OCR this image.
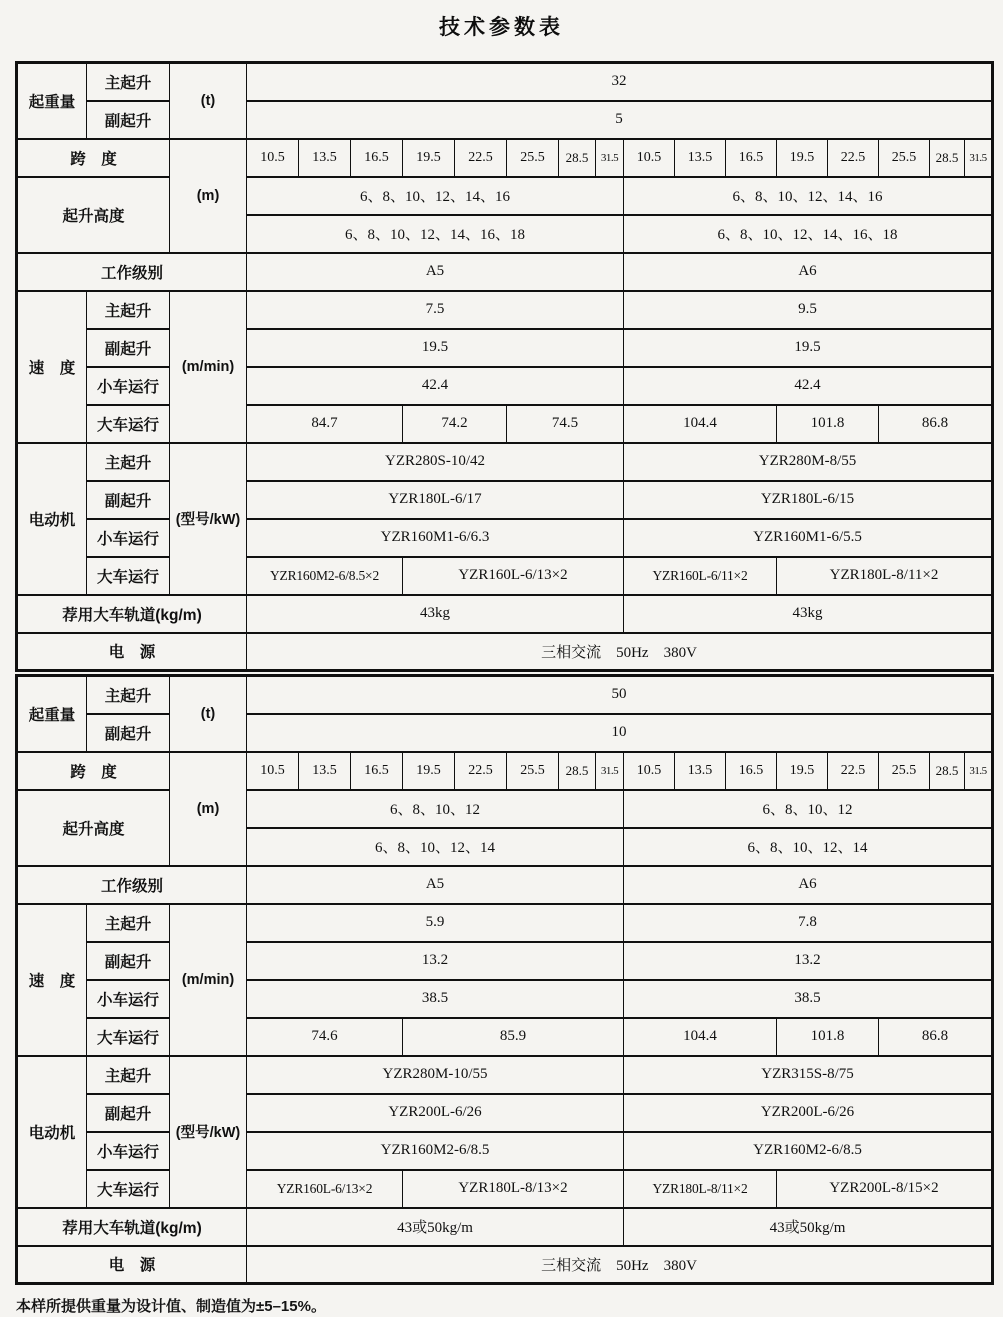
技术参数表
起重量	主起升	(t)	32															
	副起升		5															
跨　度		(m)	10.5	13.5	16.5	19.5	22.5	25.5	28.5	31.5	10.5	13.5	16.5	19.5	22.5	25.5	28.5	31.5
起升高度			6、8、10、12、14、16								6、8、10、12、14、16							
			6、8、10、12、14、16、18								6、8、10、12、14、16、18							
工作级别			A5								A6							
速　度	主起升	(m/min)	7.5								9.5							
	副起升		19.5								19.5							
	小车运行		42.4								42.4							
	大车运行		84.7			74.2		74.5			104.4			101.8		86.8		
电动机	主起升	(型号/kW)	YZR280S-10/42								YZR280M-8/55							
	副起升		YZR180L-6/17								YZR180L-6/15							
	小车运行		YZR160M1-6/6.3								YZR160M1-6/5.5							
	大车运行		YZR160M2-6/8.5×2			YZR160L-6/13×2					YZR160L-6/11×2			YZR180L-8/11×2				
荐用大车轨道(kg/m)			43kg								43kg							
电　源			三相交流　50Hz　380V															
起重量	主起升	(t)	50															
	副起升		10															
跨　度		(m)	10.5	13.5	16.5	19.5	22.5	25.5	28.5	31.5	10.5	13.5	16.5	19.5	22.5	25.5	28.5	31.5
起升高度			6、8、10、12								6、8、10、12							
			6、8、10、12、14								6、8、10、12、14							
工作级别			A5								A6							
速　度	主起升	(m/min)	5.9								7.8							
	副起升		13.2								13.2							
	小车运行		38.5								38.5							
	大车运行		74.6			85.9					104.4			101.8		86.8		
电动机	主起升	(型号/kW)	YZR280M-10/55								YZR315S-8/75							
	副起升		YZR200L-6/26								YZR200L-6/26							
	小车运行		YZR160M2-6/8.5								YZR160M2-6/8.5							
	大车运行		YZR160L-6/13×2			YZR180L-8/13×2					YZR180L-8/11×2			YZR200L-8/15×2				
荐用大车轨道(kg/m)			43或50kg/m								43或50kg/m							
电　源			三相交流　50Hz　380V															
本样所提供重量为设计值、制造值为±5–15%。
